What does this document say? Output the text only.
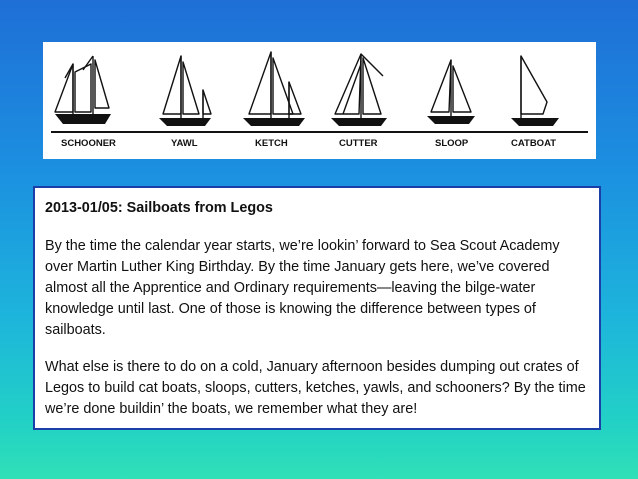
SCHOONER	YAWL	KETCH	CUTTER	SLOOP	CATBOAT
2013-01/05: Sailboats from Legos
By the time the calendar year starts, we’re lookin’ forward to Sea Scout Academy over Martin Luther King Birthday. By the time January gets here, we’ve covered almost all the Apprentice and Ordinary requirements—leaving the bilge-water knowledge until last. One of those is knowing the difference between types of sailboats.
What else is there to do on a cold, January afternoon besides dumping out crates of Legos to build cat boats, sloops, cutters, ketches, yawls, and schooners? By the time we’re done buildin’ the boats, we remember what they are!
